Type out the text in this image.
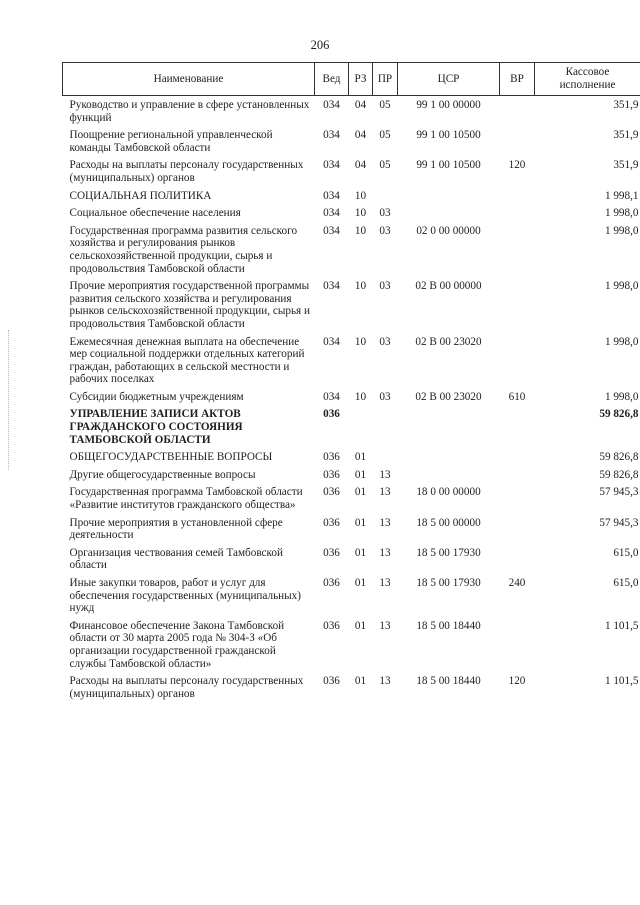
206
Наименование	Вед	РЗ	ПР	ЦСР	ВР	Кассовое исполнение
Руководство и управление в сфере установленных функций	034	04	05	99 1 00 00000		351,9
Поощрение региональной управленческой команды Тамбовской области	034	04	05	99 1 00 10500		351,9
Расходы на выплаты персоналу государственных (муниципальных) органов	034	04	05	99 1 00 10500	120	351,9
СОЦИАЛЬНАЯ ПОЛИТИКА	034	10				1 998,1
Социальное обеспечение населения	034	10	03			1 998,0
Государственная программа развития сельского хозяйства и регулирования рынков сельскохозяйственной продукции, сырья и продовольствия Тамбовской области	034	10	03	02 0 00 00000		1 998,0
Прочие мероприятия государственной программы развития сельского хозяйства и регулирования рынков сельскохозяйственной продукции, сырья и продовольствия Тамбовской области	034	10	03	02 В 00 00000		1 998,0
Ежемесячная денежная выплата на обеспечение мер социальной поддержки отдельных категорий граждан, работающих в сельской местности и рабочих поселках	034	10	03	02 В 00 23020		1 998,0
Субсидии бюджетным учреждениям	034	10	03	02 В 00 23020	610	1 998,0
УПРАВЛЕНИЕ ЗАПИСИ АКТОВ ГРАЖДАНСКОГО СОСТОЯНИЯ ТАМБОВСКОЙ ОБЛАСТИ	036					59 826,8
ОБЩЕГОСУДАРСТВЕННЫЕ ВОПРОСЫ	036	01				59 826,8
Другие общегосударственные вопросы	036	01	13			59 826,8
Государственная программа Тамбовской области «Развитие институтов гражданского общества»	036	01	13	18 0 00 00000		57 945,3
Прочие мероприятия в установленной сфере деятельности	036	01	13	18 5 00 00000		57 945,3
Организация чествования семей Тамбовской области	036	01	13	18 5 00 17930		615,0
Иные закупки товаров, работ и услуг для обеспечения государственных (муниципальных) нужд	036	01	13	18 5 00 17930	240	615,0
Финансовое обеспечение Закона Тамбовской области от 30 марта 2005 года № 304-З «Об организации государственной гражданской службы Тамбовской области»	036	01	13	18 5 00 18440		1 101,5
Расходы на выплаты персоналу государственных (муниципальных) органов	036	01	13	18 5 00 18440	120	1 101,5
